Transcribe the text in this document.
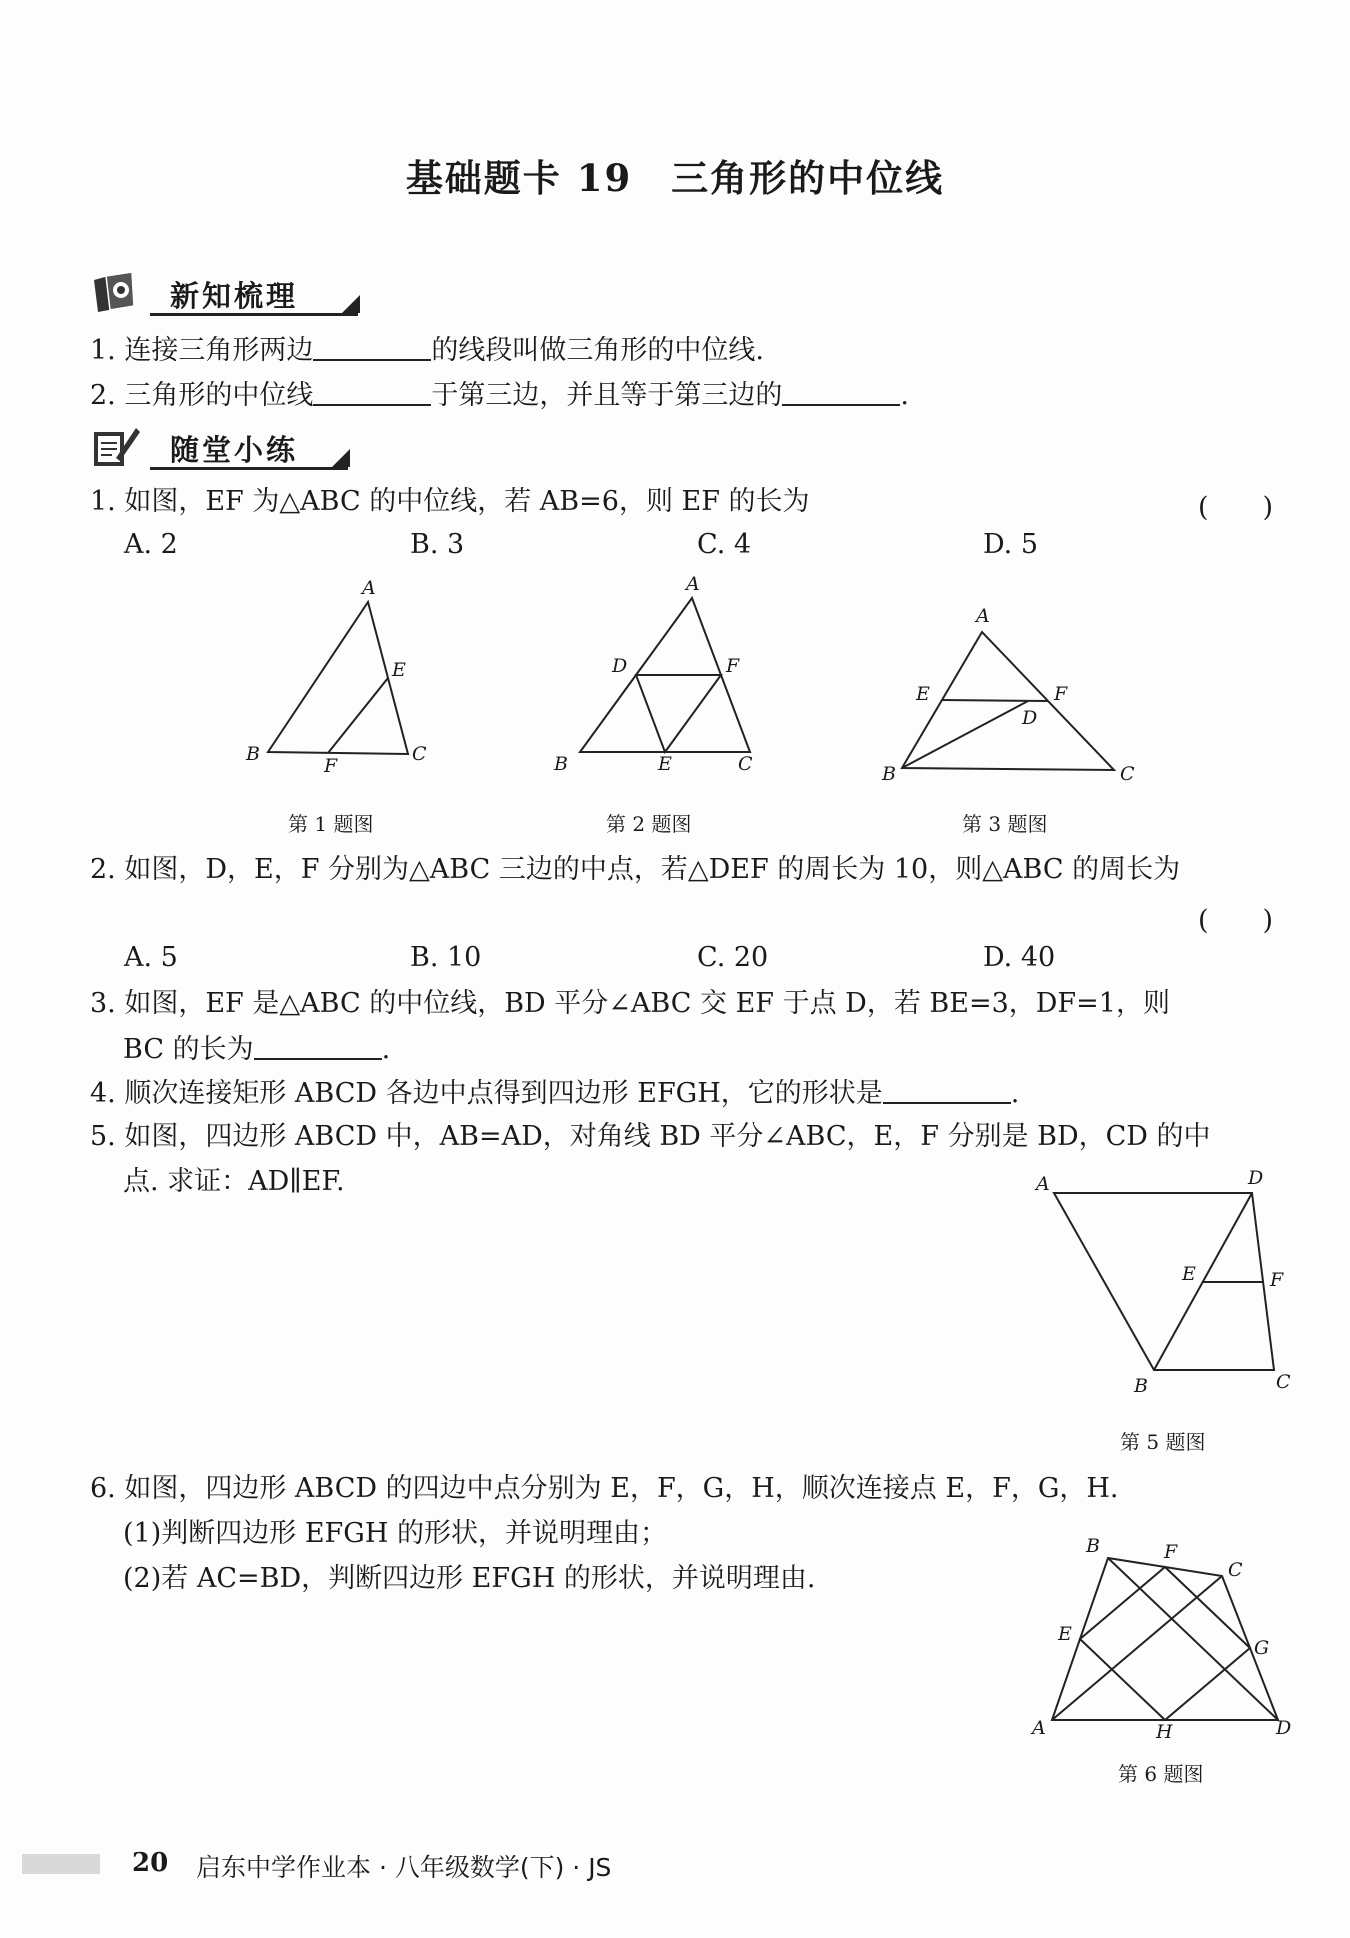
基础题卡 19　三角形的中位线
新知梳理
1. 连接三角形两边	的线段叫做三角形的中位线.
2. 三角形的中位线	于第三边，并且等于第三边的	.
随堂小练
1. 如图，EF 为△ABC 的中位线，若 AB=6，则 EF 的长为	(　　)
A. 2	B. 3	C. 4	D. 5
A
E
B
F
C
第 1 题图
A
D	F
B	E	C
第 2 题图
A
E	F
D
B	C
第 3 题图
2. 如图，D，E，F 分别为△ABC 三边的中点，若△DEF 的周长为 10，则△ABC 的周长为
(　　)
A. 5	B. 10	C. 20	D. 40
3. 如图，EF 是△ABC 的中位线，BD 平分∠ABC 交 EF 于点 D，若 BE=3，DF=1，则
BC 的长为	.
4. 顺次连接矩形 ABCD 各边中点得到四边形 EFGH，它的形状是	.
5. 如图，四边形 ABCD 中，AB=AD，对角线 BD 平分∠ABC，E，F 分别是 BD，CD 的中
点. 求证：AD∥EF.	A	D
E	F
B	C
第 5 题图
6. 如图，四边形 ABCD 的四边中点分别为 E，F，G，H，顺次连接点 E，F，G，H.
(1)判断四边形 EFGH 的形状，并说明理由；
(2)若 AC=BD，判断四边形 EFGH 的形状，并说明理由.
B	F
C
E
G
A	H	D
第 6 题图
20 启东中学作业本 · 八年级数学(下) · JS
